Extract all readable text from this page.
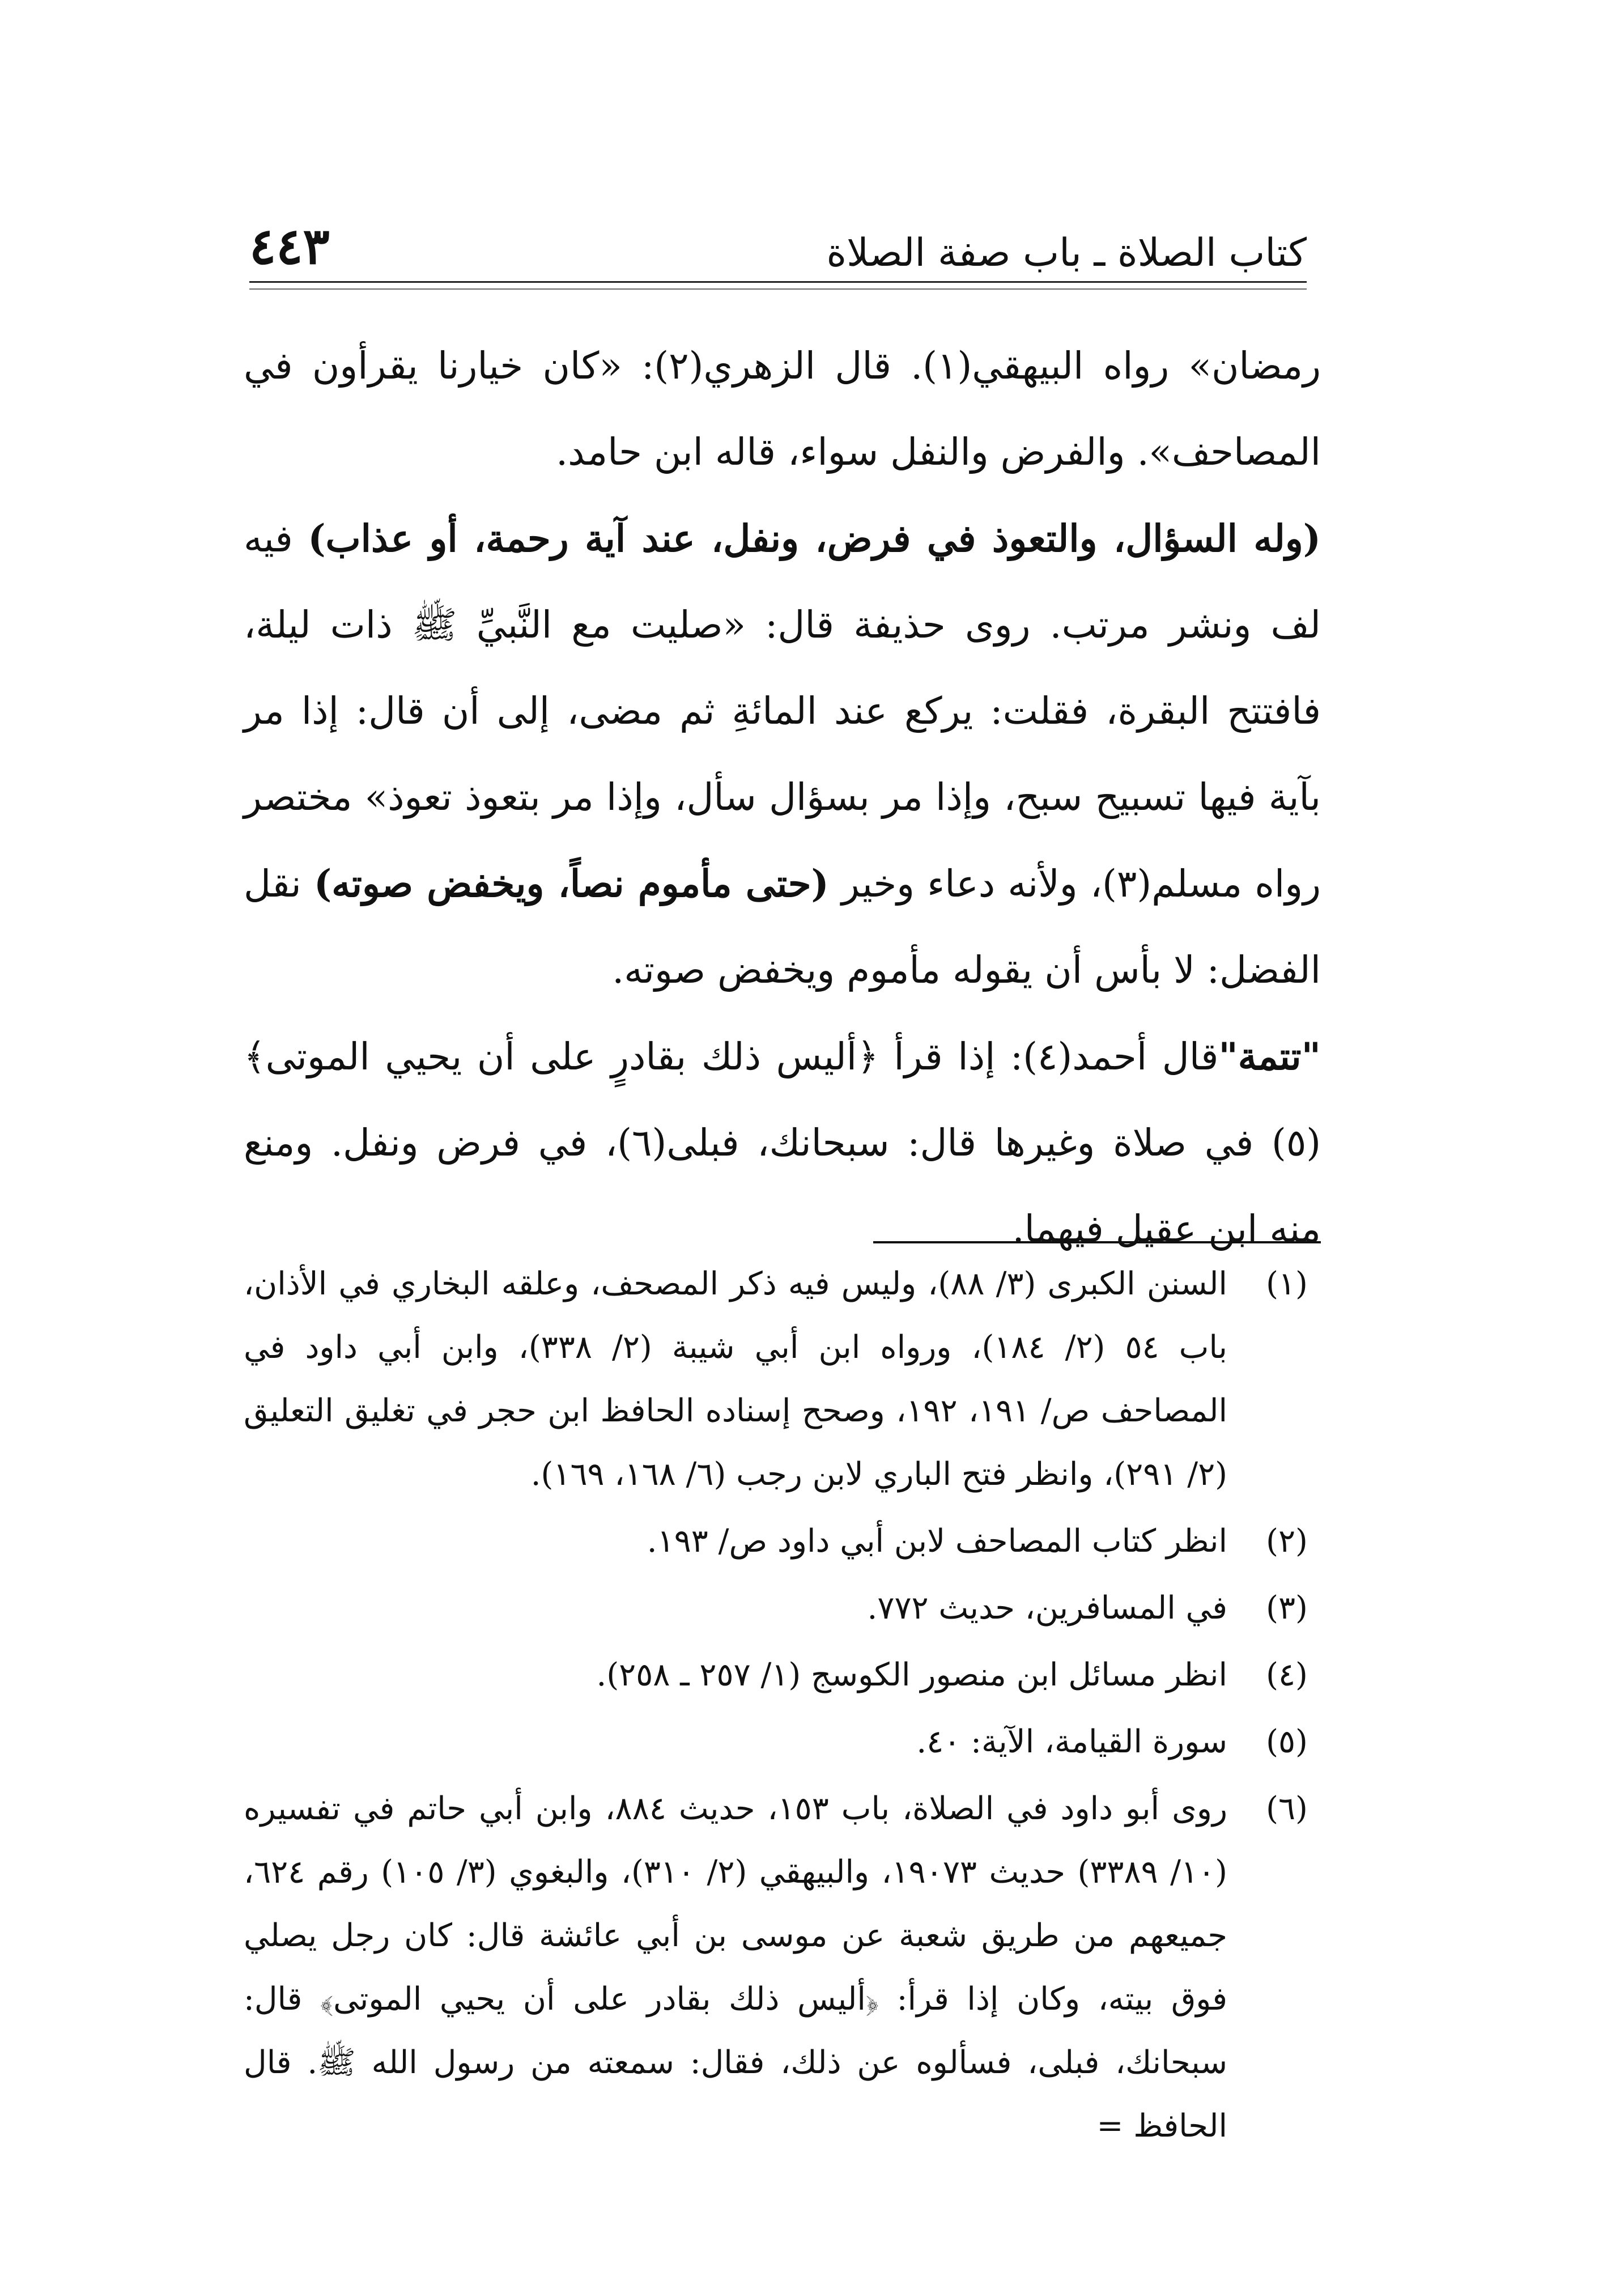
٤٤٣	كتاب الصلاة ـ باب صفة الصلاة

رمضان» رواه البيهقي(١). قال الزهري(٢): «كان خيارنا يقرأون في المصاحف». والفرض والنفل سواء، قاله ابن حامد.

(وله السؤال، والتعوذ في فرض، ونفل، عند آية رحمة، أو عذاب) فيه لف ونشر مرتب. روى حذيفة قال: «صليت مع النَّبيِّ ﷺ ذات ليلة، فافتتح البقرة، فقلت: يركع عند المائةِ ثم مضى، إلى أن قال: إذا مر بآية فيها تسبيح سبح، وإذا مر بسؤال سأل، وإذا مر بتعوذ تعوذ» مختصر رواه مسلم(٣)، ولأنه دعاء وخير (حتى مأموم نصاً، ويخفض صوته) نقل الفضل: لا بأس أن يقوله مأموم ويخفض صوته.

"تتمة"قال أحمد(٤): إذا قرأ ﴿أليس ذلك بقادرٍ على أن يحيي الموتى﴾(٥) في صلاة وغيرها قال: سبحانك، فبلى(٦)، في فرض ونفل. ومنع منه ابن عقيل فيهما.

(١)
السنن الكبرى (٣/ ٨٨)، وليس فيه ذكر المصحف، وعلقه البخاري في الأذان، باب ٥٤ (٢/ ١٨٤)، ورواه ابن أبي شيبة (٢/ ٣٣٨)، وابن أبي داود في المصاحف ص/ ١٩١، ١٩٢، وصحح إسناده الحافظ ابن حجر في تغليق التعليق (٢/ ٢٩١)، وانظر فتح الباري لابن رجب (٦/ ١٦٨، ١٦٩).

(٢)
انظر كتاب المصاحف لابن أبي داود ص/ ١٩٣.

(٣)
في المسافرين، حديث ٧٧٢.

(٤)
انظر مسائل ابن منصور الكوسج (١/ ٢٥٧ ـ ٢٥٨).

(٥)
سورة القيامة، الآية: ٤٠.

(٦)
روى أبو داود في الصلاة، باب ١٥٣، حديث ٨٨٤، وابن أبي حاتم في تفسيره (١٠/ ٣٣٨٩) حديث ١٩٠٧٣، والبيهقي (٢/ ٣١٠)، والبغوي (٣/ ١٠٥) رقم ٦٢٤، جميعهم من طريق شعبة عن موسى بن أبي عائشة قال: كان رجل يصلي فوق بيته، وكان إذا قرأ: ﴿أليس ذلك بقادر على أن يحيي الموتى﴾ قال: سبحانك، فبلى، فسألوه عن ذلك، فقال: سمعته من رسول الله ﷺ. قال الحافظ =
